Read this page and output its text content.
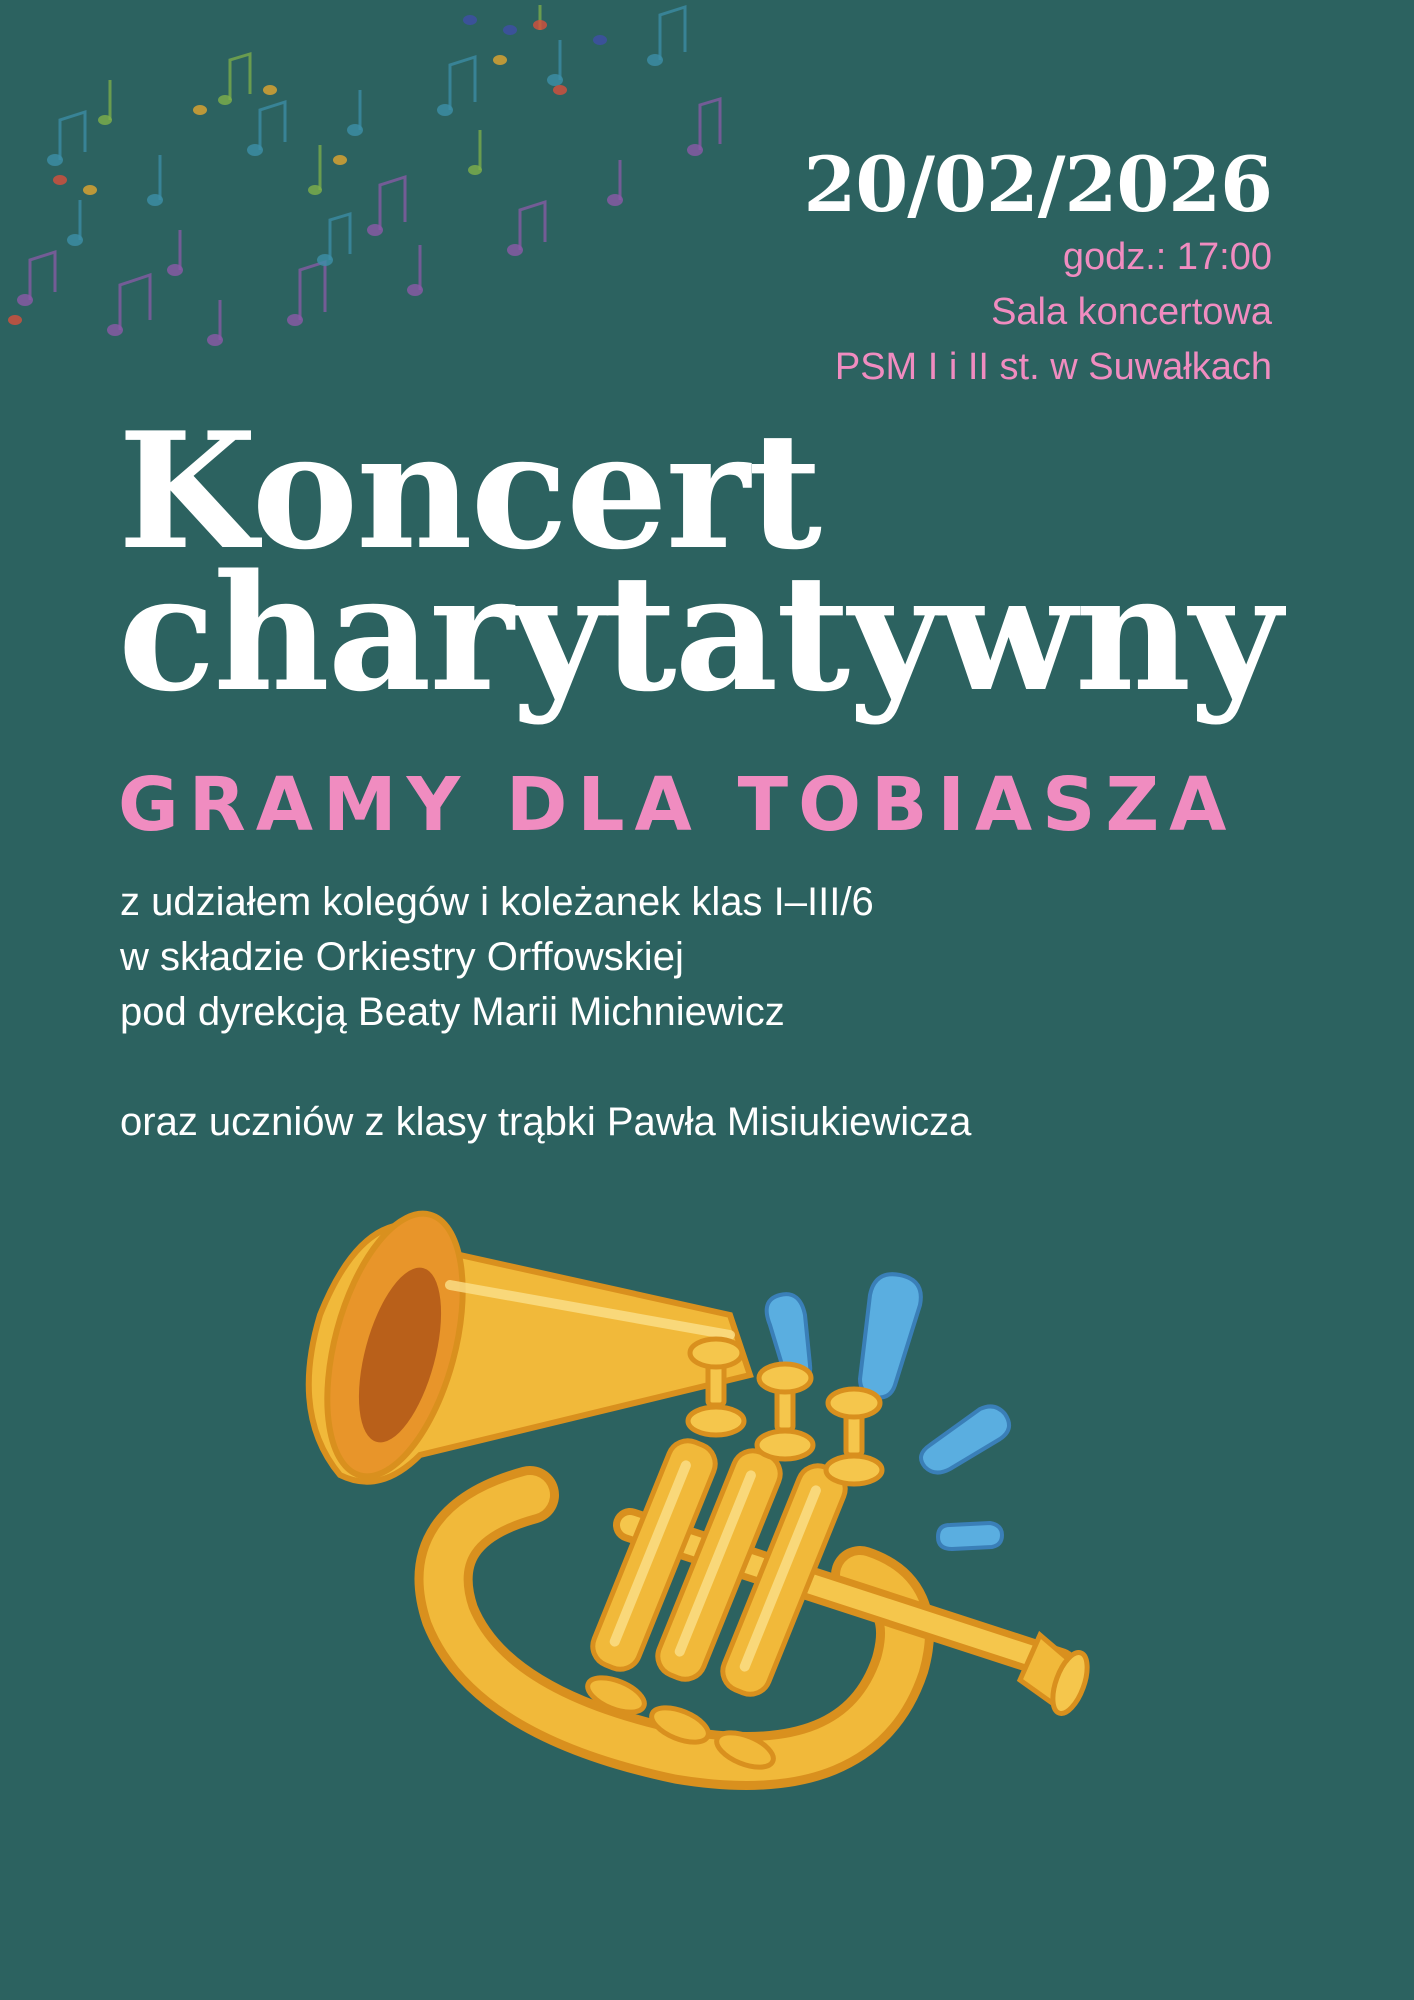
20/02/2026
godz.: 17:00
Sala koncertowa
PSM I i II st. w Suwałkach
Koncert
charytatywny
GRAMY DLA TOBIASZA
z udziałem kolegów i koleżanek klas I–III/6
w składzie Orkiestry Orffowskiej
pod dyrekcją Beaty Marii Michniewicz
oraz uczniów z klasy trąbki Pawła Misiukiewicza
